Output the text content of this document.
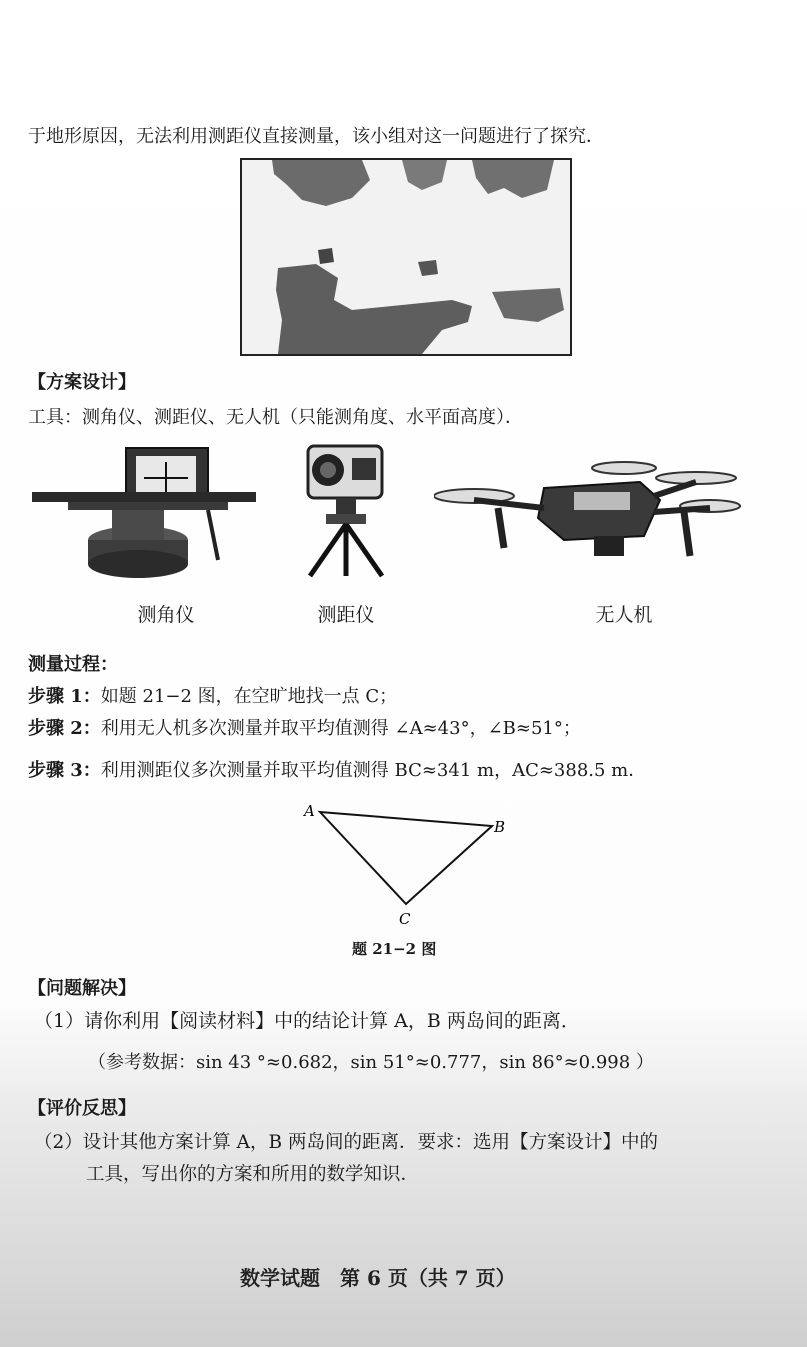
于地形原因，无法利用测距仪直接测量，该小组对这一问题进行了探究．
【方案设计】
工具：测角仪、测距仪、无人机（只能测角度、水平面高度）．
测角仪	测距仪	无人机
测量过程：
步骤 1：如题 21−2 图，在空旷地找一点 C；
步骤 2：利用无人机多次测量并取平均值测得 ∠A≈43°，∠B≈51°；
步骤 3：利用测距仪多次测量并取平均值测得 BC≈341 m，AC≈388.5 m．
A
B
C
题 21−2 图
【问题解决】
（1）请你利用【阅读材料】中的结论计算 A，B 两岛间的距离．
（参考数据：sin 43 °≈0.682，sin 51°≈0.777，sin 86°≈0.998 ）
【评价反思】
（2）设计其他方案计算 A，B 两岛间的距离．要求：选用【方案设计】中的
工具，写出你的方案和所用的数学知识．
数学试题　第 6 页（共 7 页）
